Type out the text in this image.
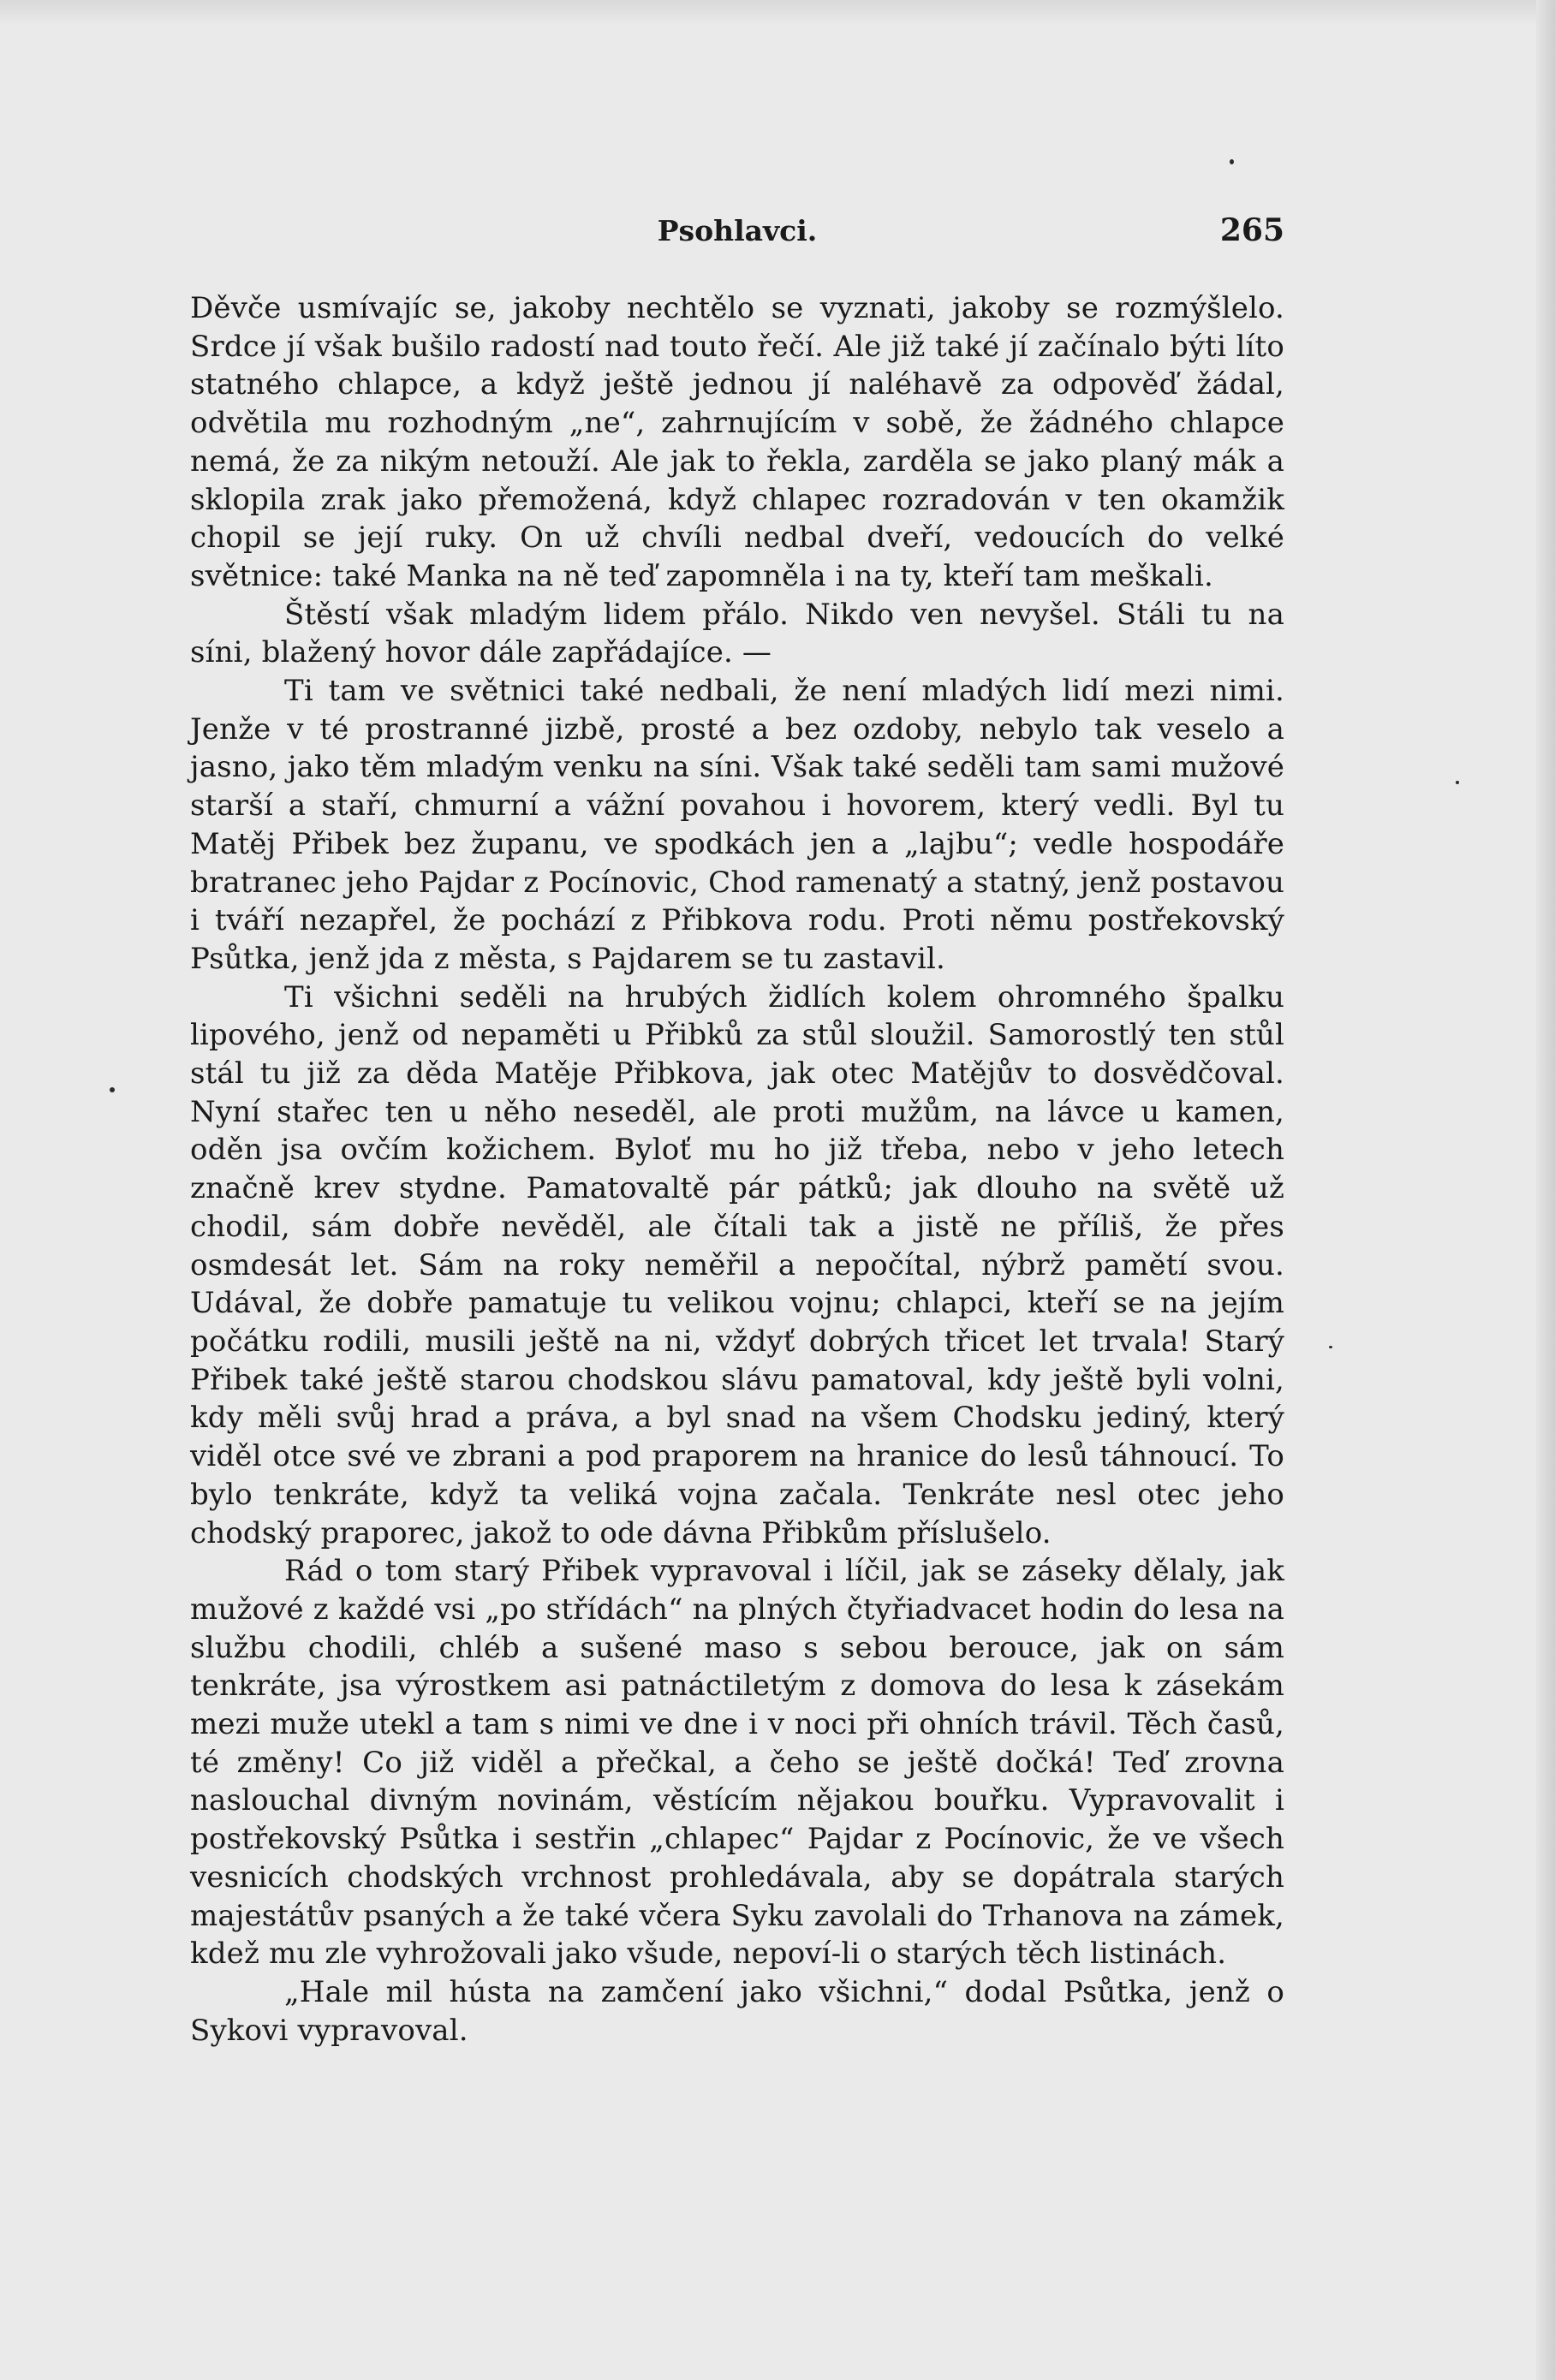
Psohlavci.	265

Děvče usmívajíc se, jakoby nechtělo se vyznati, jakoby se rozmýšlelo. Srdce jí však bušilo radostí nad touto řečí. Ale již také jí začínalo býti líto statného chlapce, a když ještě jednou jí naléhavě za odpověď žádal, odvětila mu rozhodným „ne“, zahrnujícím v sobě, že žádného chlapce nemá, že za nikým netouží. Ale jak to řekla, zarděla se jako planý mák a sklopila zrak jako přemožená, když chlapec rozradován v ten okamžik chopil se její ruky. On už chvíli nedbal dveří, vedoucích do velké světnice: také Manka na ně teď zapomněla i na ty, kteří tam meškali.

Štěstí však mladým lidem přálo. Nikdo ven nevyšel. Stáli tu na síni, blažený hovor dále zapřádajíce. —

Ti tam ve světnici také nedbali, že není mladých lidí mezi nimi. Jenže v té prostranné jizbě, prosté a bez ozdoby, nebylo tak veselo a jasno, jako těm mladým venku na síni. Však také seděli tam sami mužové starší a staří, chmurní a vážní povahou i hovorem, který vedli. Byl tu Matěj Přibek bez županu, ve spodkách jen a „lajbu“; vedle hospodáře bratranec jeho Pajdar z Pocínovic, Chod ramenatý a statný, jenž postavou i tváří nezapřel, že pochází z Přibkova rodu. Proti němu postřekovský Psůtka, jenž jda z města, s Pajdarem se tu zastavil.

Ti všichni seděli na hrubých židlích kolem ohromného špalku lipového, jenž od nepaměti u Přibků za stůl sloužil. Samorostlý ten stůl stál tu již za děda Matěje Přibkova, jak otec Matějův to dosvědčoval. Nyní stařec ten u něho neseděl, ale proti mužům, na lávce u kamen, oděn jsa ovčím kožichem. Byloť mu ho již třeba, nebo v jeho letech značně krev stydne. Pamatovaltě pár pátků; jak dlouho na světě už chodil, sám dobře nevěděl, ale čítali tak a jistě ne příliš, že přes osmdesát let. Sám na roky neměřil a nepočítal, nýbrž pamětí svou. Udával, že dobře pamatuje tu velikou vojnu; chlapci, kteří se na jejím počátku rodili, musili ještě na ni, vždyť dobrých třicet let trvala! Starý Přibek také ještě starou chodskou slávu pamatoval, kdy ještě byli volni, kdy měli svůj hrad a práva, a byl snad na všem Chodsku jediný, který viděl otce své ve zbrani a pod praporem na hranice do lesů táhnoucí. To bylo tenkráte, když ta veliká vojna začala. Tenkráte nesl otec jeho chodský praporec, jakož to ode dávna Přibkům příslušelo.

Rád o tom starý Přibek vypravoval i líčil, jak se záseky dělaly, jak mužové z každé vsi „po střídách“ na plných čtyřiadvacet hodin do lesa na službu chodili, chléb a sušené maso s sebou berouce, jak on sám tenkráte, jsa výrostkem asi patnáctiletým z domova do lesa k zásekám mezi muže utekl a tam s nimi ve dne i v noci při ohních trávil. Těch časů, té změny! Co již viděl a přečkal, a čeho se ještě dočká! Teď zrovna naslouchal divným novinám, věstícím nějakou bouřku. Vypravovalit i postřekovský Psůtka i sestřin „chlapec“ Pajdar z Pocínovic, že ve všech vesnicích chodských vrchnost prohledávala, aby se dopátrala starých majestátův psaných a že také včera Syku zavolali do Trhanova na zámek, kdež mu zle vyhrožovali jako všude, nepoví-li o starých těch listinách.

„Hale mil hústa na zamčení jako všichni,“ dodal Psůtka, jenž o Sykovi vypravoval.
